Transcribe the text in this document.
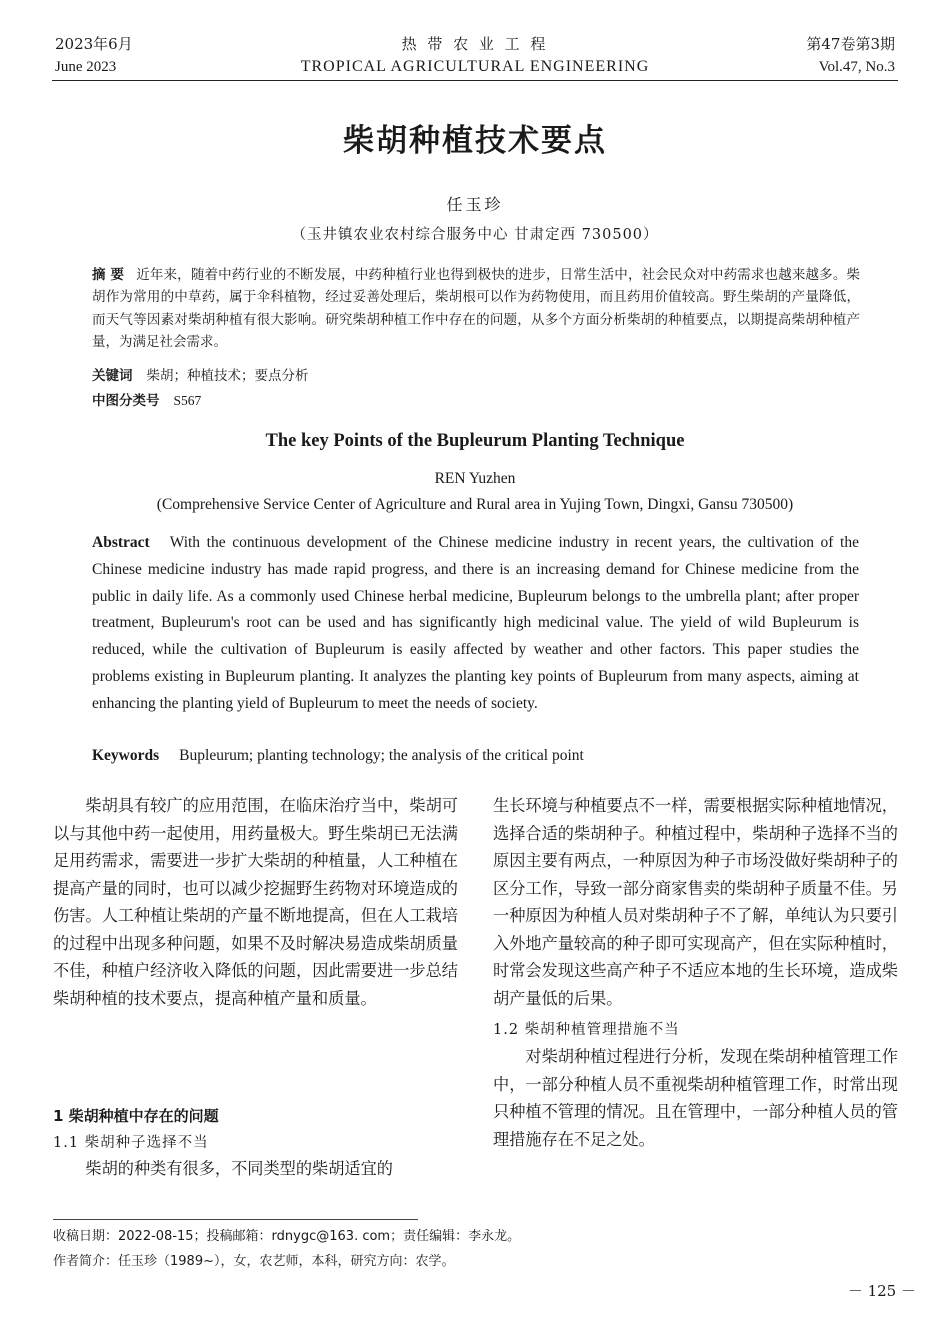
2023年6月
June 2023
热 带 农 业 工 程
TROPICAL AGRICULTURAL ENGINEERING
第47卷第3期
Vol.47, No.3
柴胡种植技术要点
任玉珍
（玉井镇农业农村综合服务中心 甘肃定西 730500）
摘 要 近年来，随着中药行业的不断发展，中药种植行业也得到极快的进步，日常生活中，社会民众对中药需求也越来越多。柴胡作为常用的中草药，属于伞科植物，经过妥善处理后，柴胡根可以作为药物使用，而且药用价值较高。野生柴胡的产量降低，而天气等因素对柴胡种植有很大影响。研究柴胡种植工作中存在的问题，从多个方面分析柴胡的种植要点，以期提高柴胡种植产量，为满足社会需求。
关键词 柴胡；种植技术；要点分析
中图分类号 S567
The key Points of the Bupleurum Planting Technique
REN Yuzhen
(Comprehensive Service Center of Agriculture and Rural area in Yujing Town, Dingxi, Gansu 730500)
Abstract With the continuous development of the Chinese medicine industry in recent years, the cultivation of the Chinese medicine industry has made rapid progress, and there is an increasing demand for Chinese medicine from the public in daily life. As a commonly used Chinese herbal medicine, Bupleurum belongs to the umbrella plant; after proper treatment, Bupleurum's root can be used and has significantly high medicinal value. The yield of wild Bupleurum is reduced, while the cultivation of Bupleurum is easily affected by weather and other factors. This paper studies the problems existing in Bupleurum planting. It analyzes the planting key points of Bupleurum from many aspects, aiming at enhancing the planting yield of Bupleurum to meet the needs of society.
Keywords Bupleurum; planting technology; the analysis of the critical point

柴胡具有较广的应用范围，在临床治疗当中，柴胡可以与其他中药一起使用，用药量极大。野生柴胡已无法满足用药需求，需要进一步扩大柴胡的种植量，人工种植在提高产量的同时，也可以减少挖掘野生药物对环境造成的伤害。人工种植让柴胡的产量不断地提高，但在人工栽培的过程中出现多种问题，如果不及时解决易造成柴胡质量不佳，种植户经济收入降低的问题，因此需要进一步总结柴胡种植的技术要点，提高种植产量和质量。

1 柴胡种植中存在的问题
1.1 柴胡种子选择不当

柴胡的种类有很多，不同类型的柴胡适宜的

生长环境与种植要点不一样，需要根据实际种植地情况，选择合适的柴胡种子。种植过程中，柴胡种子选择不当的原因主要有两点，一种原因为种子市场没做好柴胡种子的区分工作，导致一部分商家售卖的柴胡种子质量不佳。另一种原因为种植人员对柴胡种子不了解，单纯认为只要引入外地产量较高的种子即可实现高产，但在实际种植时，时常会发现这些高产种子不适应本地的生长环境，造成柴胡产量低的后果。

1.2 柴胡种植管理措施不当

对柴胡种植过程进行分析，发现在柴胡种植管理工作中，一部分种植人员不重视柴胡种植管理工作，时常出现只种植不管理的情况。且在管理中，一部分种植人员的管理措施存在不足之处。

收稿日期：2022-08-15；投稿邮箱：rdnygc@163. com；责任编辑：李永龙。
作者简介：任玉珍（1989~），女，农艺师，本科，研究方向：农学。
－ 125 －
